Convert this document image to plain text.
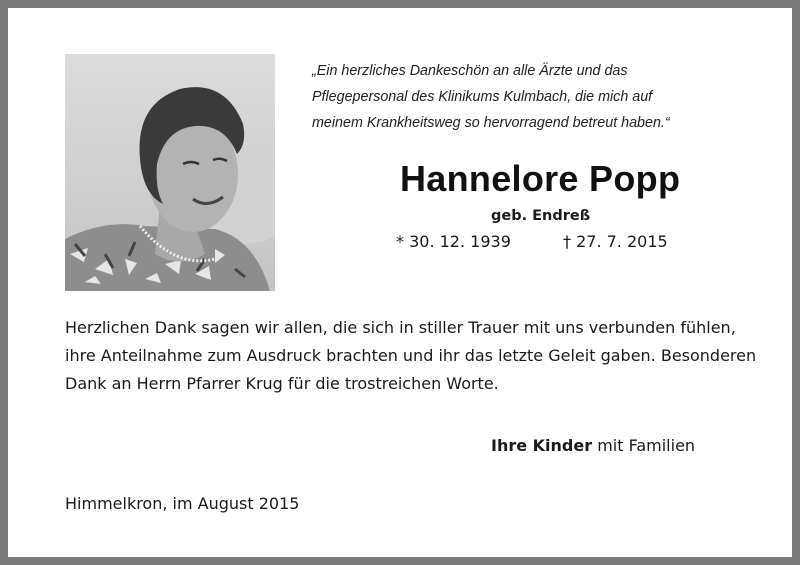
„Ein herzliches Dankeschön an alle Ärzte und das
Pflegepersonal des Klinikums Kulmbach, die mich auf
meinem Krankheitsweg so hervorragend betreut haben.“
Hannelore Popp
geb. Endreß
* 30. 12. 1939	† 27. 7. 2015
Herzlichen Dank sagen wir allen, die sich in stiller Trauer mit uns verbunden fühlen,
ihre Anteilnahme zum Ausdruck brachten und ihr das letzte Geleit gaben. Besonderen
Dank an Herrn Pfarrer Krug für die trostreichen Worte.
Ihre Kinder mit Familien
Himmelkron, im August 2015
